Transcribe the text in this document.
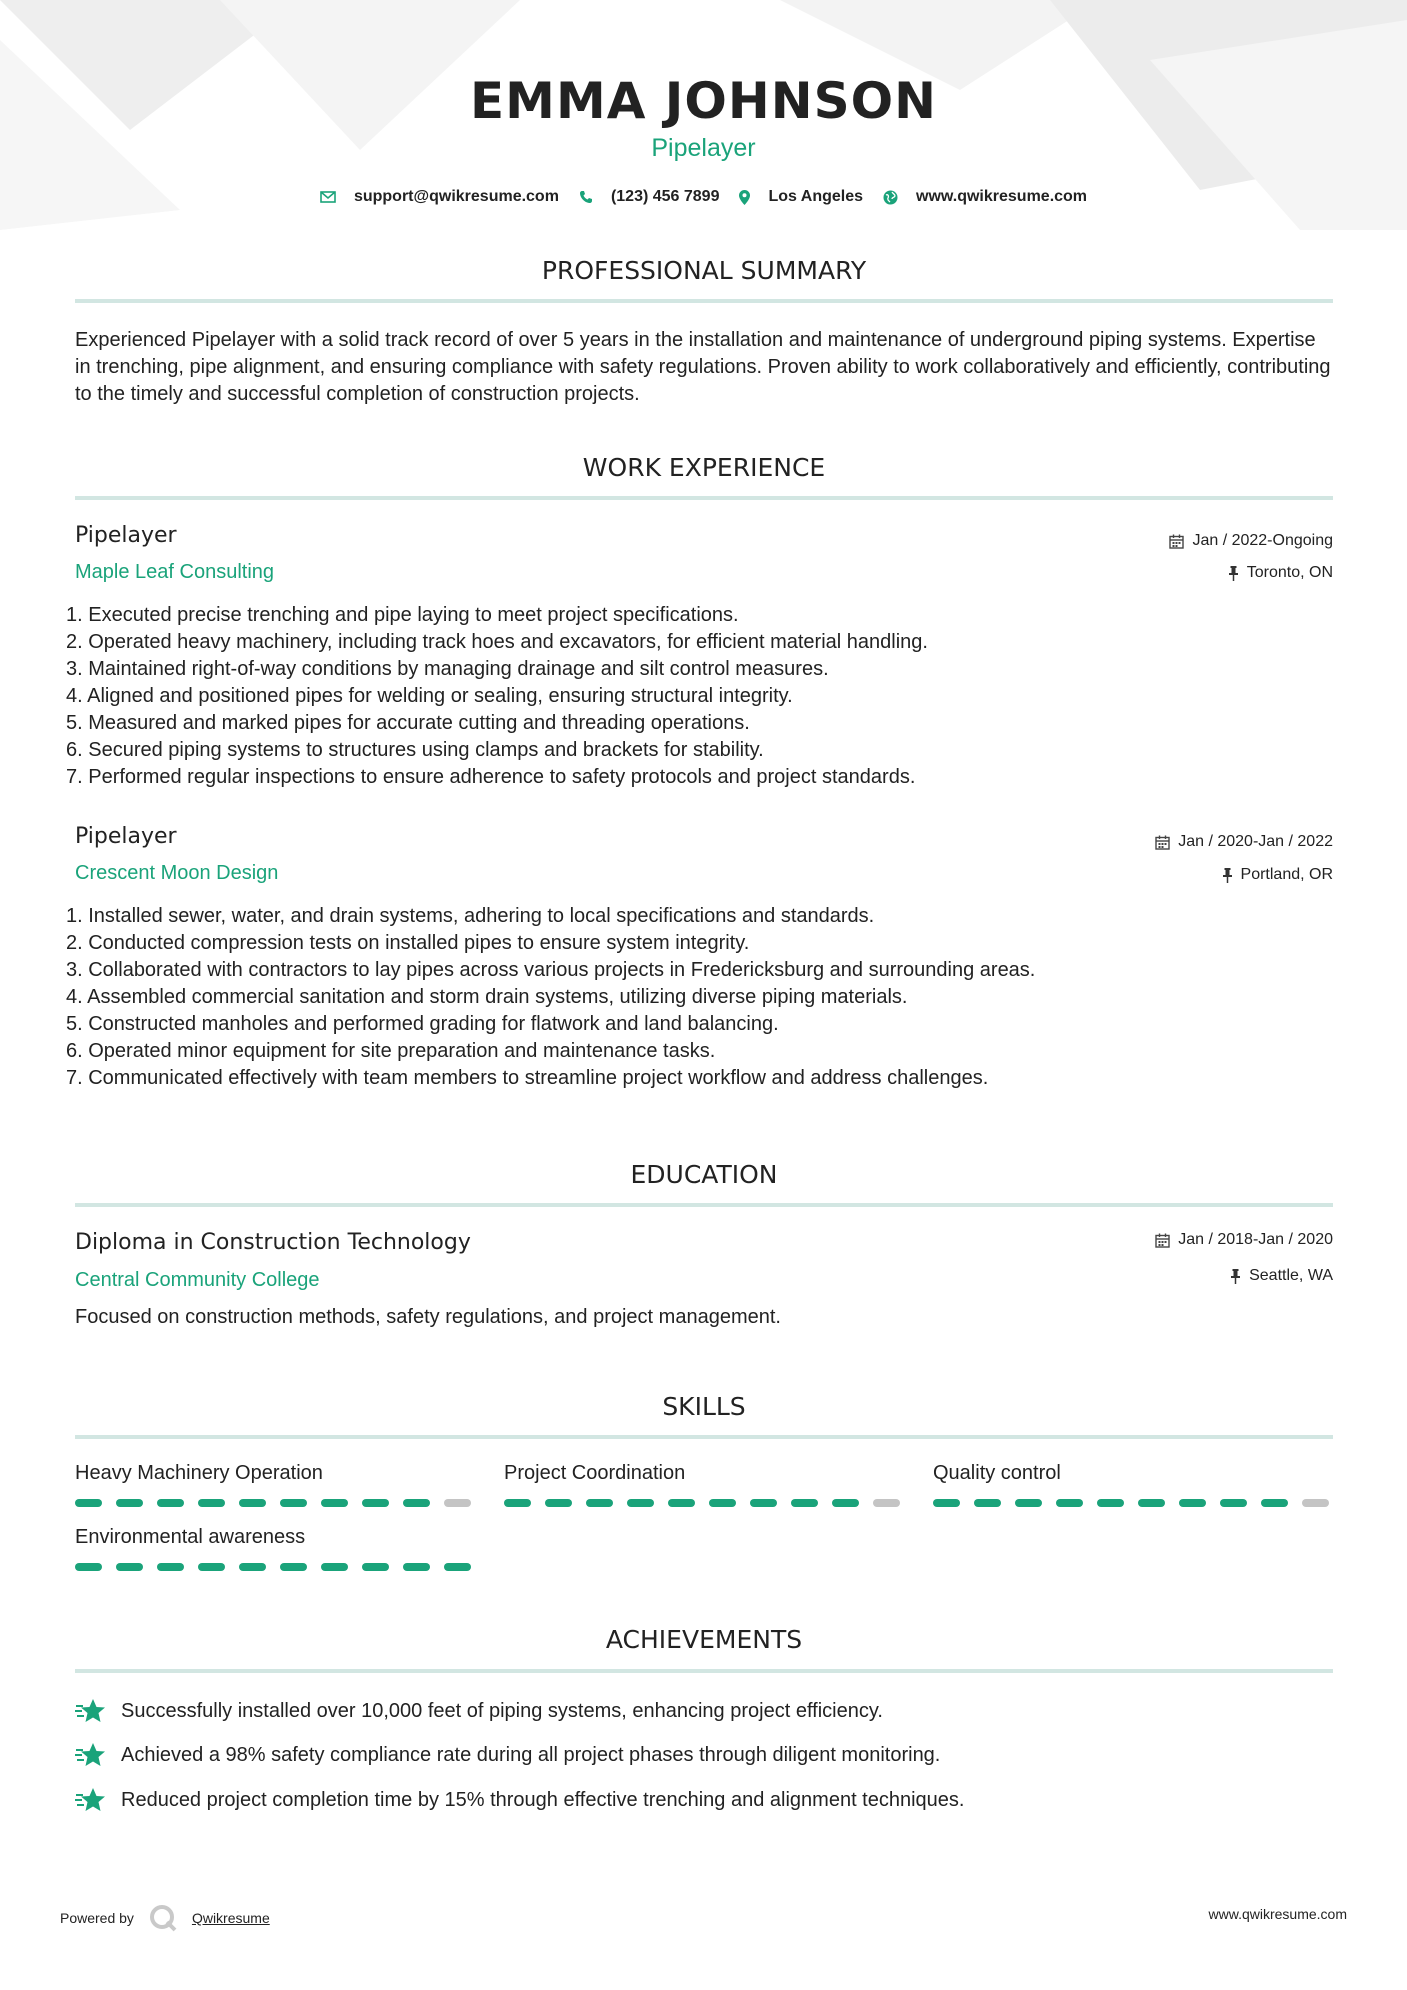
EMMA JOHNSON
Pipelayer
support@qwikresume.com	(123) 456 7899	Los Angeles	www.qwikresume.com
PROFESSIONAL SUMMARY
Experienced Pipelayer with a solid track record of over 5 years in the installation and maintenance of underground piping systems. Expertise in trenching, pipe alignment, and ensuring compliance with safety regulations. Proven ability to work collaboratively and efficiently, contributing to the timely and successful completion of construction projects.
WORK EXPERIENCE
Pipelayer	Jan / 2022-Ongoing
Maple Leaf Consulting	Toronto, ON
1. Executed precise trenching and pipe laying to meet project specifications.
2. Operated heavy machinery, including track hoes and excavators, for efficient material handling.
3. Maintained right-of-way conditions by managing drainage and silt control measures.
4. Aligned and positioned pipes for welding or sealing, ensuring structural integrity.
5. Measured and marked pipes for accurate cutting and threading operations.
6. Secured piping systems to structures using clamps and brackets for stability.
7. Performed regular inspections to ensure adherence to safety protocols and project standards.
Pipelayer	Jan / 2020-Jan / 2022
Crescent Moon Design	Portland, OR
1. Installed sewer, water, and drain systems, adhering to local specifications and standards.
2. Conducted compression tests on installed pipes to ensure system integrity.
3. Collaborated with contractors to lay pipes across various projects in Fredericksburg and surrounding areas.
4. Assembled commercial sanitation and storm drain systems, utilizing diverse piping materials.
5. Constructed manholes and performed grading for flatwork and land balancing.
6. Operated minor equipment for site preparation and maintenance tasks.
7. Communicated effectively with team members to streamline project workflow and address challenges.
EDUCATION
Diploma in Construction Technology	Jan / 2018-Jan / 2020
Central Community College	Seattle, WA
Focused on construction methods, safety regulations, and project management.
SKILLS
Heavy Machinery Operation	Project Coordination	Quality control
Environmental awareness
ACHIEVEMENTS
Successfully installed over 10,000 feet of piping systems, enhancing project efficiency.
Achieved a 98% safety compliance rate during all project phases through diligent monitoring.
Reduced project completion time by 15% through effective trenching and alignment techniques.
Powered by	Qwikresume	www.qwikresume.com
